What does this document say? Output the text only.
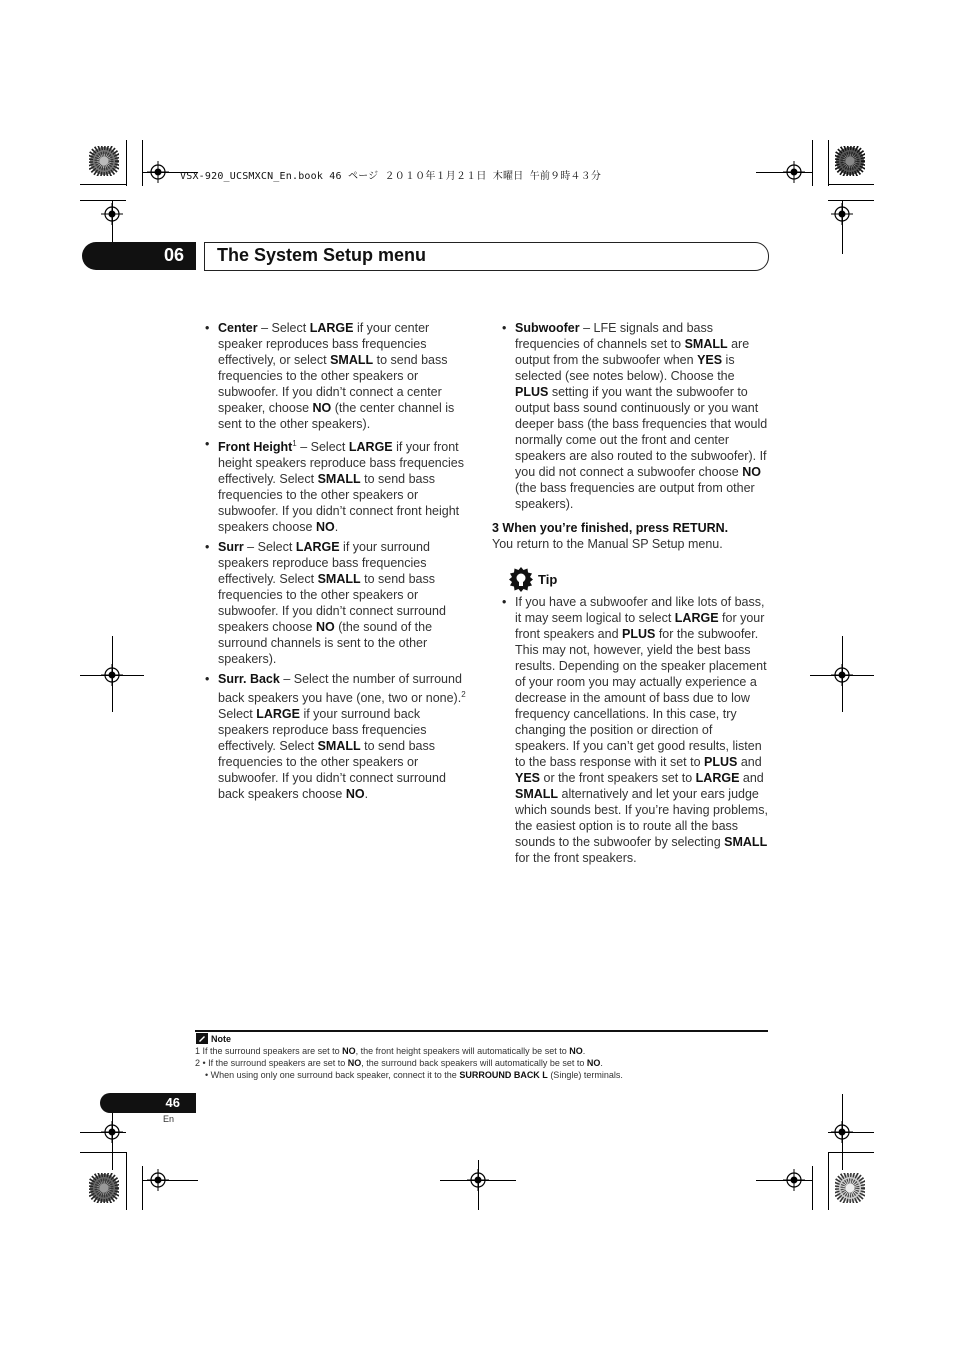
VSX-920_UCSMXCN_En.book 46 ページ ２０１０年１月２１日 木曜日 午前９時４３分
06 The System Setup menu
• Center – Select LARGE if your center speaker reproduces bass frequencies effectively, or select SMALL to send bass frequencies to the other speakers or subwoofer. If you didn’t connect a center speaker, choose NO (the center channel is sent to the other speakers).
• Front Height$^1$ – Select LARGE if your front height speakers reproduce bass frequencies effectively. Select SMALL to send bass frequencies to the other speakers or subwoofer. If you didn’t connect front height speakers choose NO.
• Surr – Select LARGE if your surround speakers reproduce bass frequencies effectively. Select SMALL to send bass frequencies to the other speakers or subwoofer. If you didn’t connect surround speakers choose NO (the sound of the surround channels is sent to the other speakers).
• Surr. Back – Select the number of surround back speakers you have (one, two or none).$^2$ Select LARGE if your surround back speakers reproduce bass frequencies effectively. Select SMALL to send bass frequencies to the other speakers or subwoofer. If you didn’t connect surround back speakers choose NO.
• Subwoofer – LFE signals and bass frequencies of channels set to SMALL are output from the subwoofer when YES is selected (see notes below). Choose the PLUS setting if you want the subwoofer to output bass sound continuously or you want deeper bass (the bass frequencies that would normally come out the front and center speakers are also routed to the subwoofer). If you did not connect a subwoofer choose NO (the bass frequencies are output from other speakers).
3 When you’re finished, press RETURN.
You return to the Manual SP Setup menu.
Tip
• If you have a subwoofer and like lots of bass, it may seem logical to select LARGE for your front speakers and PLUS for the subwoofer. This may not, however, yield the best bass results. Depending on the speaker placement of your room you may actually experience a decrease in the amount of bass due to low frequency cancellations. In this case, try changing the position or direction of speakers. If you can’t get good results, listen to the bass response with it set to PLUS and YES or the front speakers set to LARGE and SMALL alternatively and let your ears judge which sounds best. If you’re having problems, the easiest option is to route all the bass sounds to the subwoofer by selecting SMALL for the front speakers.
Note
1 If the surround speakers are set to NO, the front height speakers will automatically be set to NO.
2 • If the surround speakers are set to NO, the surround back speakers will automatically be set to NO.
• When using only one surround back speaker, connect it to the SURROUND BACK L (Single) terminals.
46
En
